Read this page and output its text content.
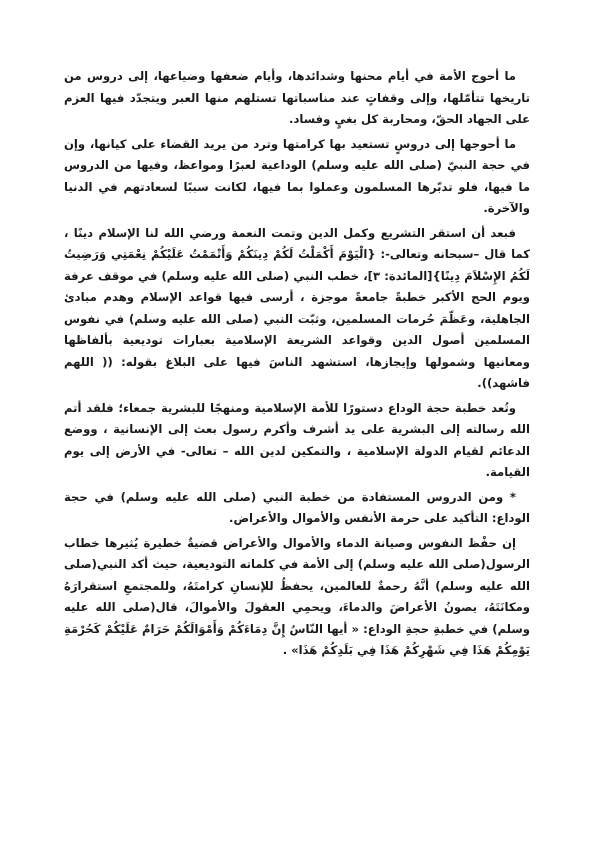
ما أحوج الأمة في أيام محنها وشدائدها، وأيام ضعفها وضياعها، إلى دروس من تاريخها تتأمّلها، وإلى وقفاتٍ عند مناسباتها تستلهم منها العبر ويتجدّد فيها العزم على الجهاد الحقّ، ومحاربة كل بغيٍ وفساد.

ما أحوجها إلى دروسٍ تستعيد بها كرامتها وترد من يريد القضاء على كيانها، وإن في حجة النبيّ (صلى الله عليه وسلم) الوداعية لعبرًا ومواعظ، وفيها من الدروس ما فيها، فلو تدبّرها المسلمون وعملوا بما فيها، لكانت سببًا لسعادتهم في الدنيا والآخرة.

فبعد أن استقر التشريع وكمل الدين وتمت النعمة ورضي الله لنا الإسلام دينًا ، كما قال –سبحانه وتعالى-: {الْيَوْمَ أَكْمَلْتُ لَكُمْ دِينَكُمْ وَأَتْمَمْتُ عَلَيْكُمْ نِعْمَتِي وَرَضِيتُ لَكُمُ الإِسْلاَمَ دِينًا}[المائدة: ٣]، خطب النبي (صلى الله عليه وسلم) في موقف عرفة ويوم الحج الأكبر خطبةً جامعةً موجزة ، أرسى فيها قواعد الإسلام وهدم مبادئ الجاهلية، وعَظّمَ حُرمات المسلمين، وثبّت النبي (صلى الله عليه وسلم) في نفوس المسلمين أصول الدين وقواعد الشريعة الإسلامية بعبارات توديعية بألفاظها ومعانيها وشمولها وإيجازها، استشهد الناسَ فيها على البلاغ بقوله: (( اللهم فاشهد)).

وتُعد خطبة حجة الوداع دستورًا للأمة الإسلامية ومنهجًا للبشرية جمعاء؛ فلقد أتم الله رسالته إلى البشرية على يد أشرف وأكرم رسول بعث إلى الإنسانية ، ووضع الدعائم لقيام الدولة الإسلامية ، والتمكين لدين الله – تعالى- في الأرض إلى يوم القيامة.

* ومن الدروس المستفادة من خطبة النبي (صلى الله عليه وسلم) في حجة الوداع: التأكيد على حرمة الأنفس والأموال والأعراض.

إن حفْظ النفوس وصيانة الدماء والأموال والأعراض قضيةٌ خطيرة يُثيرها خطاب الرسول(صلى الله عليه وسلم) إلى الأمة في كلماته التوديعية، حيث أكد النبي(صلى الله عليه وسلم) أنَّهُ رحمةٌ للعالمين، يحفظُ للإنسانِ كرامتَهُ، وللمجتمعِ استقرارَهُ ومكانَتَهُ، يصونُ الأعراضَ والدماءَ، ويحمِي العقولَ والأموالَ، قال(صلى الله عليه وسلم) في خطبةِ حجةِ الوداع: « أيها النّاسُ إِنَّ دِمَاءَكُمْ وَأَمْوَالَكُمْ حَرَامٌ عَلَيْكُمْ كَحُرْمَةِ يَوْمِكُمْ هَذَا فِي شَهْرِكُمْ هَذَا فِي بَلَدِكُمْ هَذَا» .
